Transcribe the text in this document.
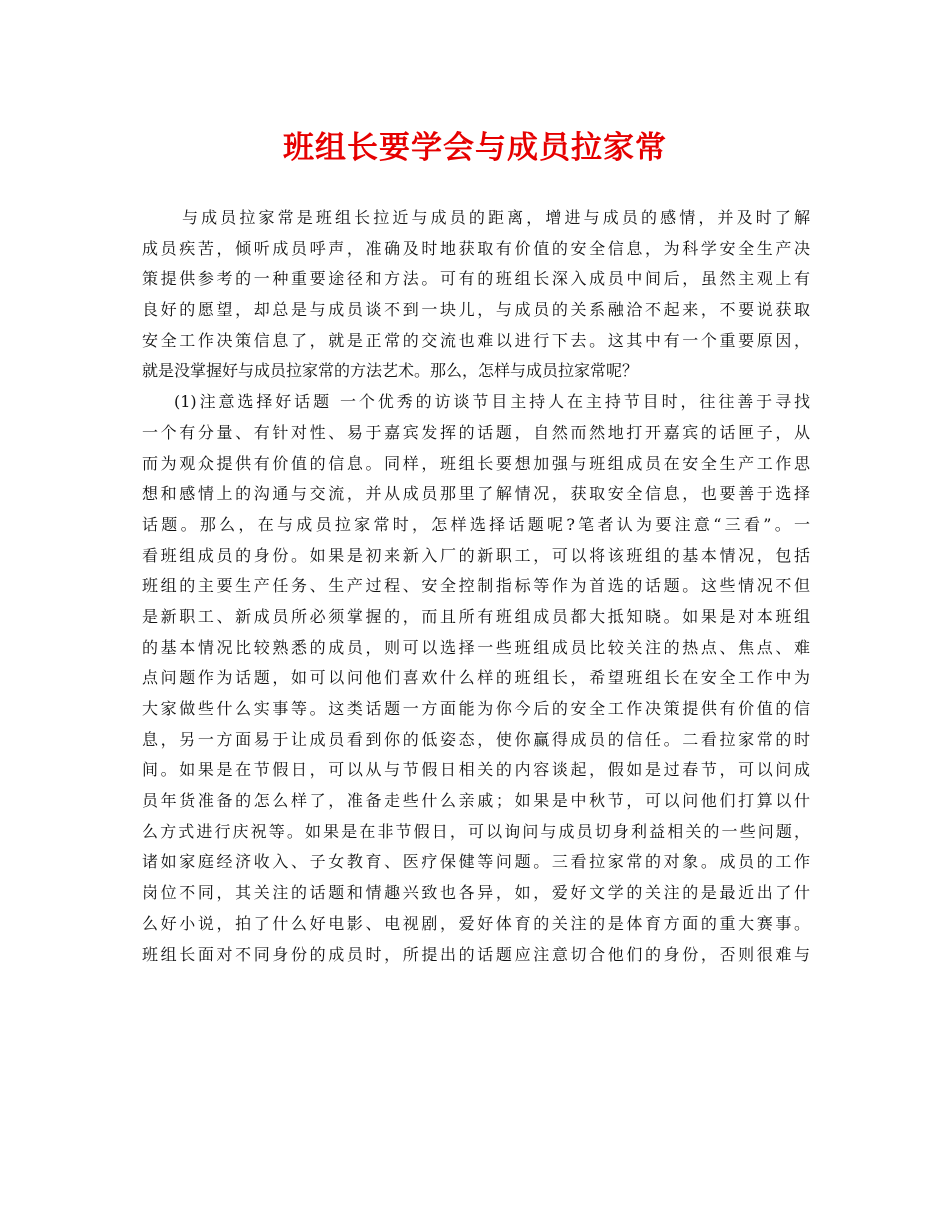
班组长要学会与成员拉家常
与成员拉家常是班组长拉近与成员的距离，增进与成员的感情，并及时了解
成员疾苦，倾听成员呼声，准确及时地获取有价值的安全信息，为科学安全生产决
策提供参考的一种重要途径和方法。可有的班组长深入成员中间后，虽然主观上有
良好的愿望，却总是与成员谈不到一块儿，与成员的关系融洽不起来，不要说获取
安全工作决策信息了，就是正常的交流也难以进行下去。这其中有一个重要原因，
就是没掌握好与成员拉家常的方法艺术。那么，怎样与成员拉家常呢？
(1)注意选择好话题 一个优秀的访谈节目主持人在主持节目时，往往善于寻找
一个有分量、有针对性、易于嘉宾发挥的话题，自然而然地打开嘉宾的话匣子，从
而为观众提供有价值的信息。同样，班组长要想加强与班组成员在安全生产工作思
想和感情上的沟通与交流，并从成员那里了解情况，获取安全信息，也要善于选择
话题。那么，在与成员拉家常时，怎样选择话题呢?笔者认为要注意“三看”。一
看班组成员的身份。如果是初来新入厂的新职工，可以将该班组的基本情况，包括
班组的主要生产任务、生产过程、安全控制指标等作为首选的话题。这些情况不但
是新职工、新成员所必须掌握的，而且所有班组成员都大抵知晓。如果是对本班组
的基本情况比较熟悉的成员，则可以选择一些班组成员比较关注的热点、焦点、难
点问题作为话题，如可以问他们喜欢什么样的班组长，希望班组长在安全工作中为
大家做些什么实事等。这类话题一方面能为你今后的安全工作决策提供有价值的信
息，另一方面易于让成员看到你的低姿态，使你赢得成员的信任。二看拉家常的时
间。如果是在节假日，可以从与节假日相关的内容谈起，假如是过春节，可以问成
员年货准备的怎么样了，准备走些什么亲戚；如果是中秋节，可以问他们打算以什
么方式进行庆祝等。如果是在非节假日，可以询问与成员切身利益相关的一些问题，
诸如家庭经济收入、子女教育、医疗保健等问题。三看拉家常的对象。成员的工作
岗位不同，其关注的话题和情趣兴致也各异，如，爱好文学的关注的是最近出了什
么好小说，拍了什么好电影、电视剧，爱好体育的关注的是体育方面的重大赛事。
班组长面对不同身份的成员时，所提出的话题应注意切合他们的身份，否则很难与
